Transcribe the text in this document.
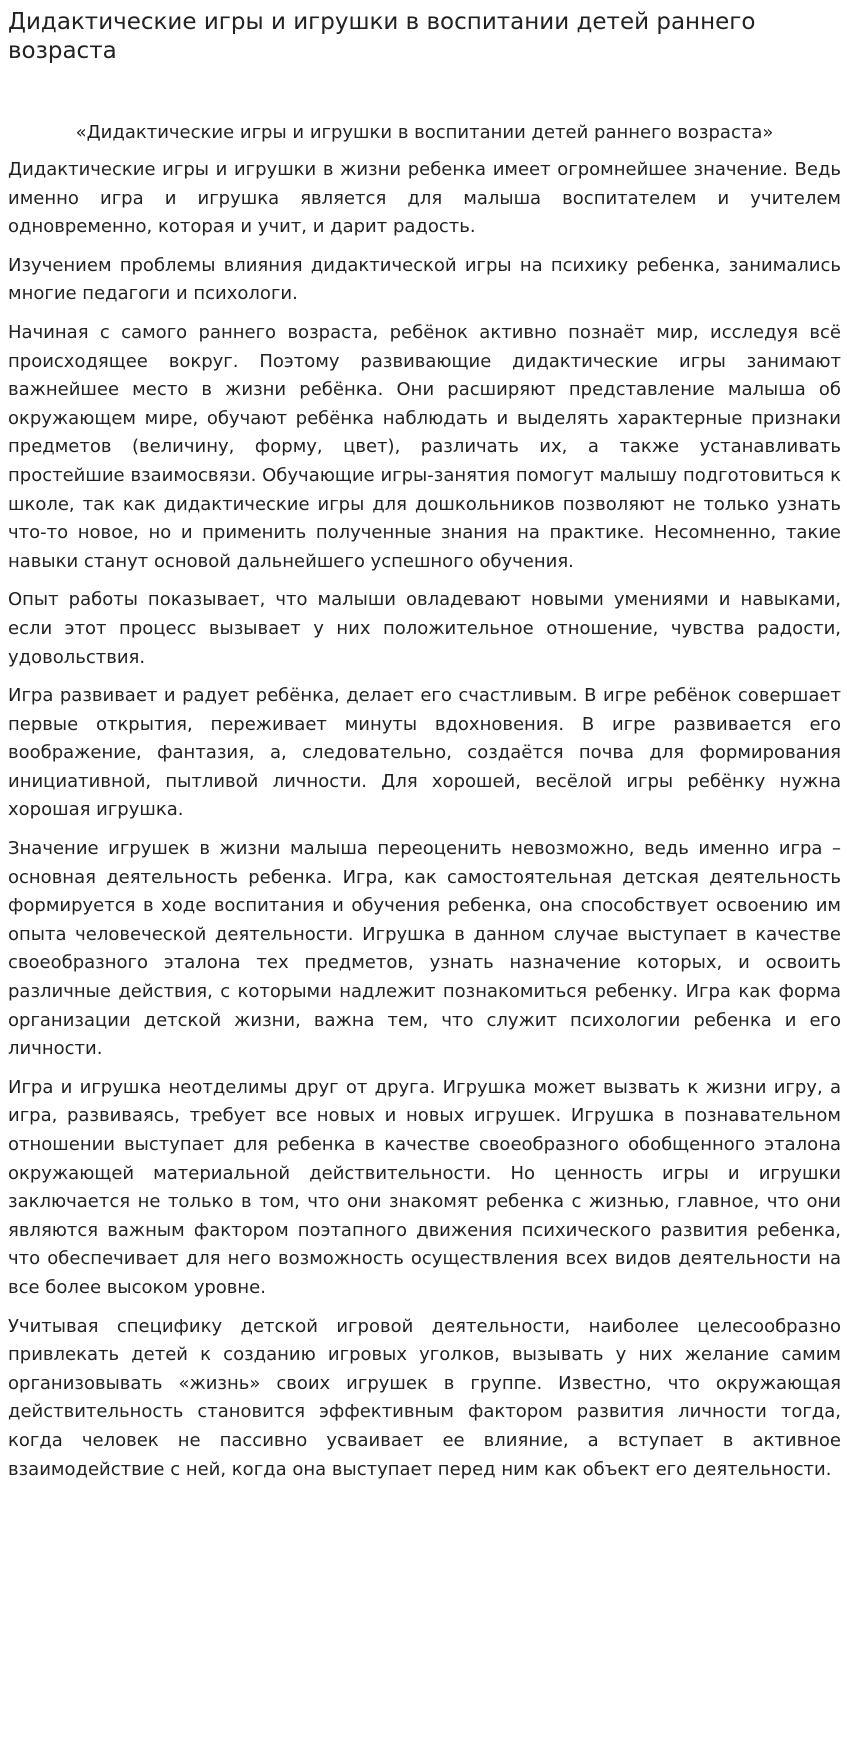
Дидактические игры и игрушки в воспитании детей раннего возраста

«Дидактические игры и игрушки в воспитании детей раннего возраста»

Дидактические игры и игрушки в жизни ребенка имеет огромнейшее значение. Ведь именно игра и игрушка является для малыша воспитателем и учителем одновременно, которая и учит, и дарит радость.

Изучением проблемы влияния дидактической игры на психику ребенка, занимались многие педагоги и психологи.

Начиная с самого раннего возраста, ребёнок активно познаёт мир, исследуя всё происходящее вокруг. Поэтому развивающие дидактические игры занимают важнейшее место в жизни ребёнка. Они расширяют представление малыша об окружающем мире, обучают ребёнка наблюдать и выделять характерные признаки предметов (величину, форму, цвет), различать их, а также устанавливать простейшие взаимосвязи. Обучающие игры-занятия помогут малышу подготовиться к школе, так как дидактические игры для дошкольников позволяют не только узнать что-то новое, но и применить полученные знания на практике. Несомненно, такие навыки станут основой дальнейшего успешного обучения.

Опыт работы показывает, что малыши овладевают новыми умениями и навыками, если этот процесс вызывает у них положительное отношение, чувства радости, удовольствия.

Игра развивает и радует ребёнка, делает его счастливым. В игре ребёнок совершает первые открытия, переживает минуты вдохновения. В игре развивается его воображение, фантазия, а, следовательно, создаётся почва для формирования инициативной, пытливой личности. Для хорошей, весёлой игры ребёнку нужна хорошая игрушка.

Значение игрушек в жизни малыша переоценить невозможно, ведь именно игра – основная деятельность ребенка. Игра, как самостоятельная детская деятельность формируется в ходе воспитания и обучения ребенка, она способствует освоению им опыта человеческой деятельности. Игрушка в данном случае выступает в качестве своеобразного эталона тех предметов, узнать назначение которых, и освоить различные действия, с которыми надлежит познакомиться ребенку. Игра как форма организации детской жизни, важна тем, что служит психологии ребенка и его личности.

Игра и игрушка неотделимы друг от друга. Игрушка может вызвать к жизни игру, а игра, развиваясь, требует все новых и новых игрушек. Игрушка в познавательном отношении выступает для ребенка в качестве своеобразного обобщенного эталона окружающей материальной действительности. Но ценность игры и игрушки заключается не только в том, что они знакомят ребенка с жизнью, главное, что они являются важным фактором поэтапного движения психического развития ребенка, что обеспечивает для него возможность осуществления всех видов деятельности на все более высоком уровне.

Учитывая специфику детской игровой деятельности, наиболее целесообразно привлекать детей к созданию игровых уголков, вызывать у них желание самим организовывать «жизнь» своих игрушек в группе. Известно, что окружающая действительность становится эффективным фактором развития личности тогда, когда человек не пассивно усваивает ее влияние, а вступает в активное взаимодействие с ней, когда она выступает перед ним как объект его деятельности.
